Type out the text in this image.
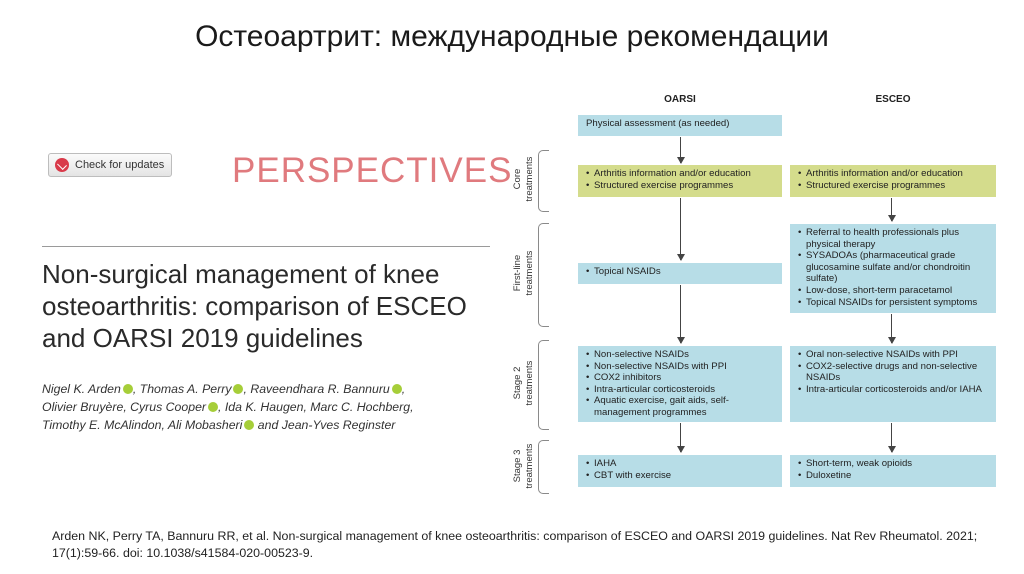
Остеоартрит: международные рекомендации
Check for updates PERSPECTIVES
Non-surgical management of knee osteoarthritis: comparison of ESCEO and OARSI 2019 guidelines
Nigel K. Arden , Thomas A. Perry , Raveendhara R. Bannuru ,
Olivier Bruyère, Cyrus Cooper , Ida K. Haugen, Marc C. Hochberg,
Timothy E. McAlindon, Ali Mobasheri and Jean-Yves Reginster
OARSI	ESCEO
Core
treatments
First-line
treatments
Stage 2
treatments
Stage 3
treatments
Physical assessment (as needed)
• Arthritis information and/or education
• Structured exercise programmes
• Topical NSAIDs
• Non-selective NSAIDs
• Non-selective NSAIDs with PPI
• COX2 inhibitors
• Intra-articular corticosteroids
• Aquatic exercise, gait aids, self-management programmes
• IAHA
• CBT with exercise
• Arthritis information and/or education
• Structured exercise programmes
• Referral to health professionals plus physical therapy
• SYSADOAs (pharmaceutical grade glucosamine sulfate and/or chondroitin sulfate)
• Low-dose, short-term paracetamol
• Topical NSAIDs for persistent symptoms
• Oral non-selective NSAIDs with PPI
• COX2-selective drugs and non-selective NSAIDs
• Intra-articular corticosteroids and/or IAHA
• Short-term, weak opioids
• Duloxetine
Arden NK, Perry TA, Bannuru RR, et al. Non-surgical management of knee osteoarthritis: comparison of ESCEO and OARSI 2019 guidelines. Nat Rev Rheumatol. 2021; 17(1):59-66. doi: 10.1038/s41584-020-00523-9.
